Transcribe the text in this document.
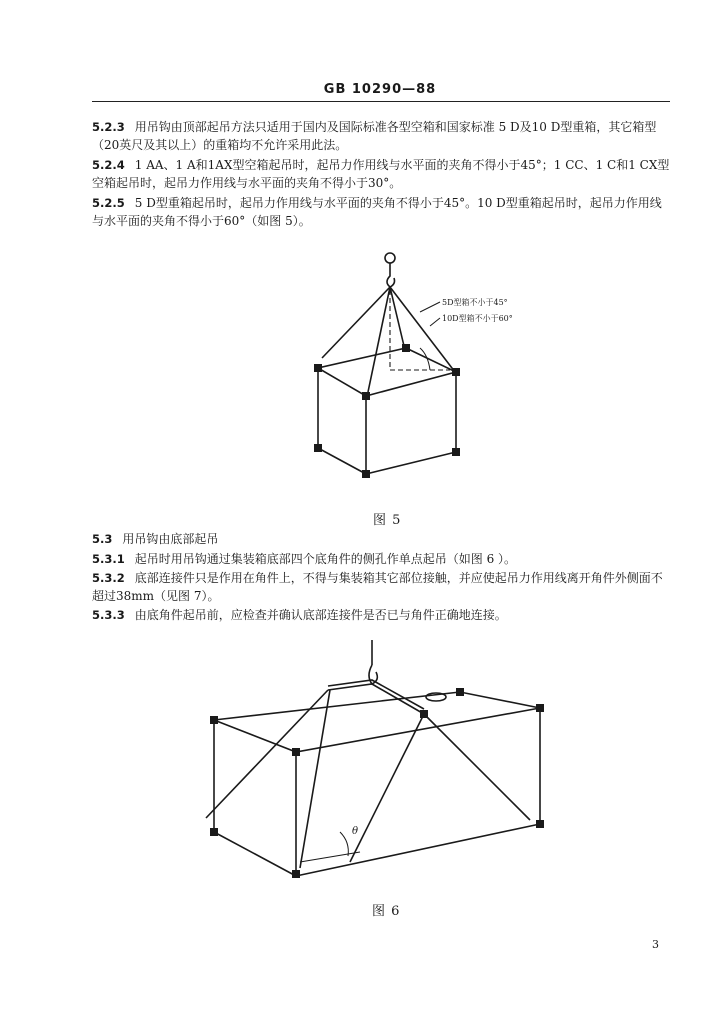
GB 10290—88

5.2.3 用吊钩由顶部起吊方法只适用于国内及国际标准各型空箱和国家标准 5 D及10 D型重箱，其它箱型（20英尺及其以上）的重箱均不允许采用此法。

5.2.4 1 AA、1 A和1AX型空箱起吊时，起吊力作用线与水平面的夹角不得小于45°；1 CC、1 C和1 CX型空箱起吊时，起吊力作用线与水平面的夹角不得小于30°。

5.2.5 5 D型重箱起吊时，起吊力作用线与水平面的夹角不得小于45°。10 D型重箱起吊时，起吊力作用线与水平面的夹角不得小于60°（如图 5）。

5D型箱不小于45°
10D型箱不小于60°
图 5

5.3 用吊钩由底部起吊

5.3.1 起吊时用吊钩通过集装箱底部四个底角件的侧孔作单点起吊（如图 6 ）。

5.3.2 底部连接件只是作用在角件上，不得与集装箱其它部位接触，并应使起吊力作用线离开角件外侧面不超过38mm（见图 7）。

5.3.3 由底角件起吊前，应检查并确认底部连接件是否已与角件正确地连接。

θ
图 6
3
